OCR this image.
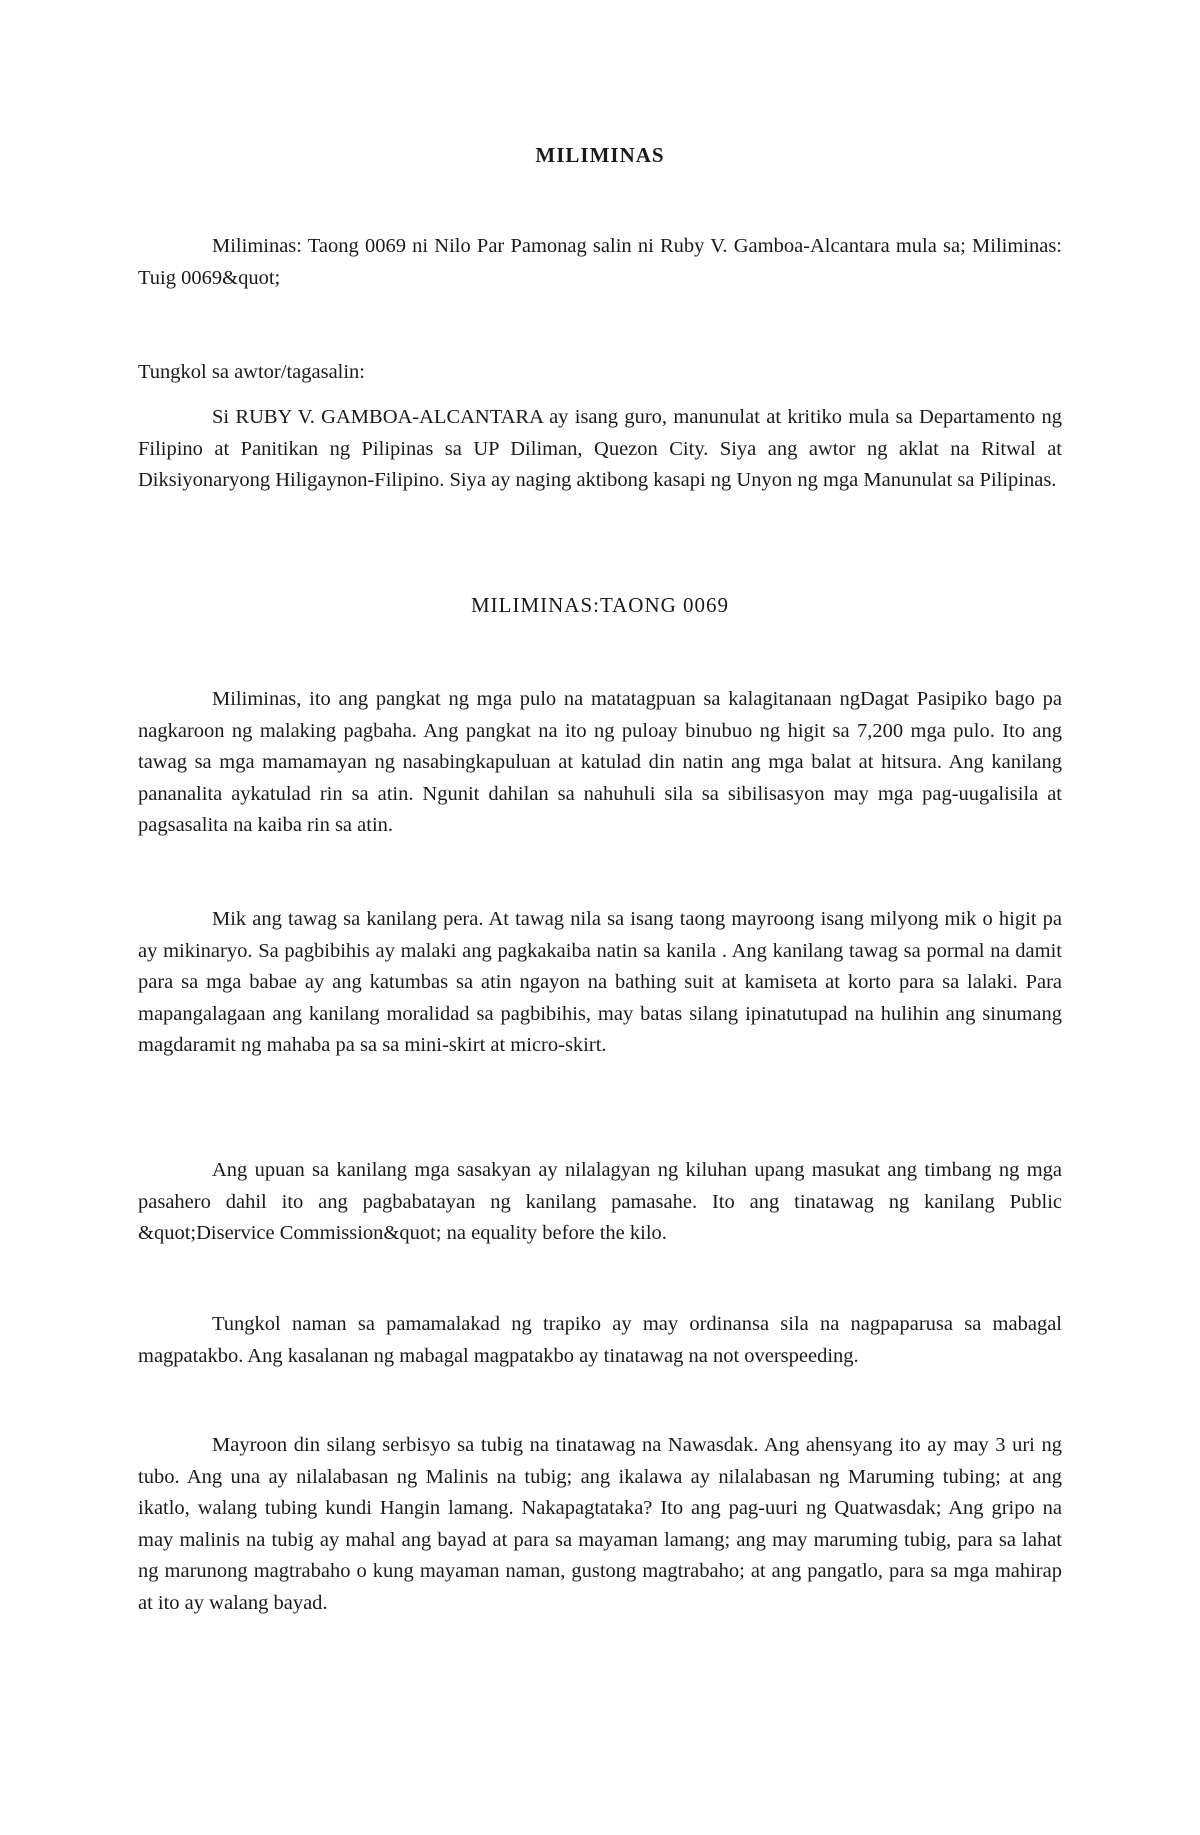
MILIMINAS

Miliminas: Taong 0069 ni Nilo Par Pamonag salin ni Ruby V. Gamboa-Alcantara mula sa; Miliminas: Tuig 0069&quot;

Tungkol sa awtor/tagasalin:

Si RUBY V. GAMBOA-ALCANTARA ay isang guro, manunulat at kritiko mula sa Departamento ng Filipino at Panitikan ng Pilipinas sa UP Diliman, Quezon City. Siya ang awtor ng aklat na Ritwal at Diksiyonaryong Hiligaynon-Filipino. Siya ay naging aktibong kasapi ng Unyon ng mga Manunulat sa Pilipinas.

MILIMINAS:TAONG 0069

Miliminas, ito ang pangkat ng mga pulo na matatagpuan sa kalagitanaan ngDagat Pasipiko bago pa nagkaroon ng malaking pagbaha. Ang pangkat na ito ng puloay binubuo ng higit sa 7,200 mga pulo. Ito ang tawag sa mga mamamayan ng nasabingkapuluan at katulad din natin ang mga balat at hitsura. Ang kanilang pananalita aykatulad rin sa atin. Ngunit dahilan sa nahuhuli sila sa sibilisasyon may mga pag-uugalisila at pagsasalita na kaiba rin sa atin.

Mik ang tawag sa kanilang pera. At tawag nila sa isang taong mayroong isang milyong mik o higit pa ay mikinaryo. Sa pagbibihis ay malaki ang pagkakaiba natin sa kanila . Ang kanilang tawag sa pormal na damit para sa mga babae ay ang katumbas sa atin ngayon na bathing suit at kamiseta at korto para sa lalaki. Para mapangalagaan ang kanilang moralidad sa pagbibihis, may batas silang ipinatutupad na hulihin ang sinumang magdaramit ng mahaba pa sa sa mini-skirt at micro-skirt.

Ang upuan sa kanilang mga sasakyan ay nilalagyan ng kiluhan upang masukat ang timbang ng mga pasahero dahil ito ang pagbabatayan ng kanilang pamasahe. Ito ang tinatawag ng kanilang Public &quot;Diservice Commission&quot; na equality before the kilo.

Tungkol naman sa pamamalakad ng trapiko ay may ordinansa sila na nagpaparusa sa mabagal magpatakbo. Ang kasalanan ng mabagal magpatakbo ay tinatawag na not overspeeding.

Mayroon din silang serbisyo sa tubig na tinatawag na Nawasdak. Ang ahensyang ito ay may 3 uri ng tubo. Ang una ay nilalabasan ng Malinis na tubig; ang ikalawa ay nilalabasan ng Maruming tubing; at ang ikatlo, walang tubing kundi Hangin lamang. Nakapagtataka? Ito ang pag-uuri ng Quatwasdak; Ang gripo na may malinis na tubig ay mahal ang bayad at para sa mayaman lamang; ang may maruming tubig, para sa lahat ng marunong magtrabaho o kung mayaman naman, gustong magtrabaho; at ang pangatlo, para sa mga mahirap at ito ay walang bayad.
